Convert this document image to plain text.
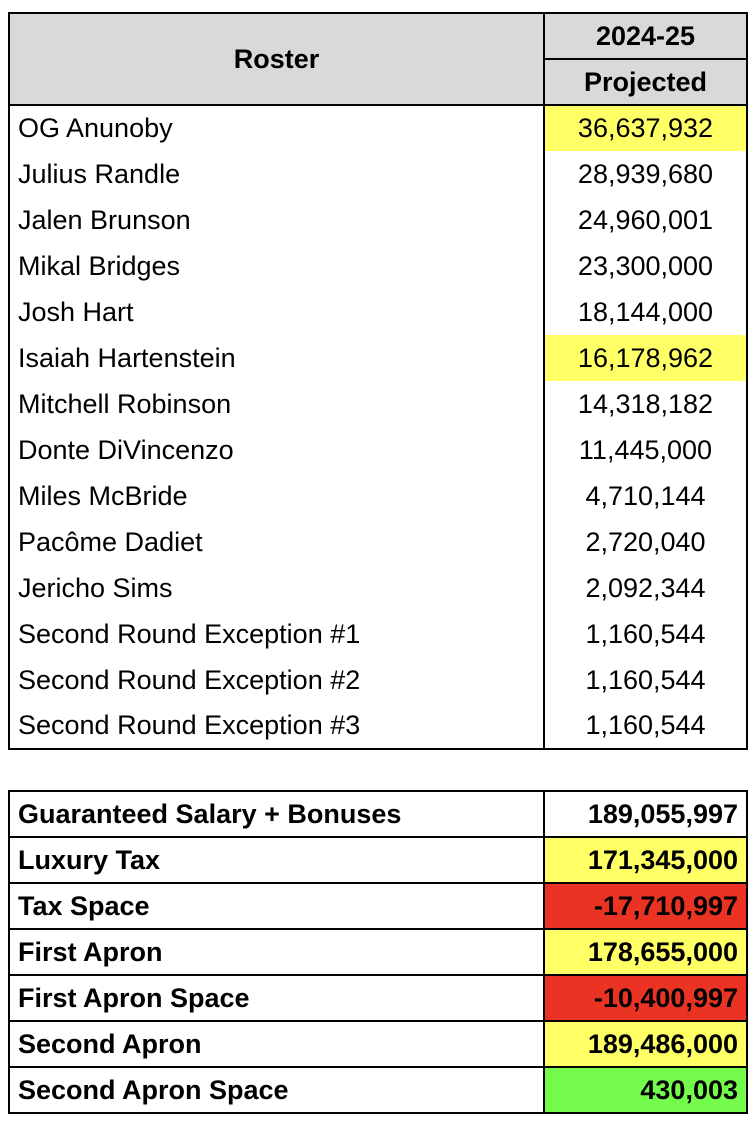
Roster	2024-25
	Projected
OG Anunoby	36,637,932
Julius Randle	28,939,680
Jalen Brunson	24,960,001
Mikal Bridges	23,300,000
Josh Hart	18,144,000
Isaiah Hartenstein	16,178,962
Mitchell Robinson	14,318,182
Donte DiVincenzo	11,445,000
Miles McBride	4,710,144
Pacôme Dadiet	2,720,040
Jericho Sims	2,092,344
Second Round Exception #1	1,160,544
Second Round Exception #2	1,160,544
Second Round Exception #3	1,160,544
Guaranteed Salary + Bonuses	189,055,997
Luxury Tax	171,345,000
Tax Space	-17,710,997
First Apron	178,655,000
First Apron Space	-10,400,997
Second Apron	189,486,000
Second Apron Space	430,003
